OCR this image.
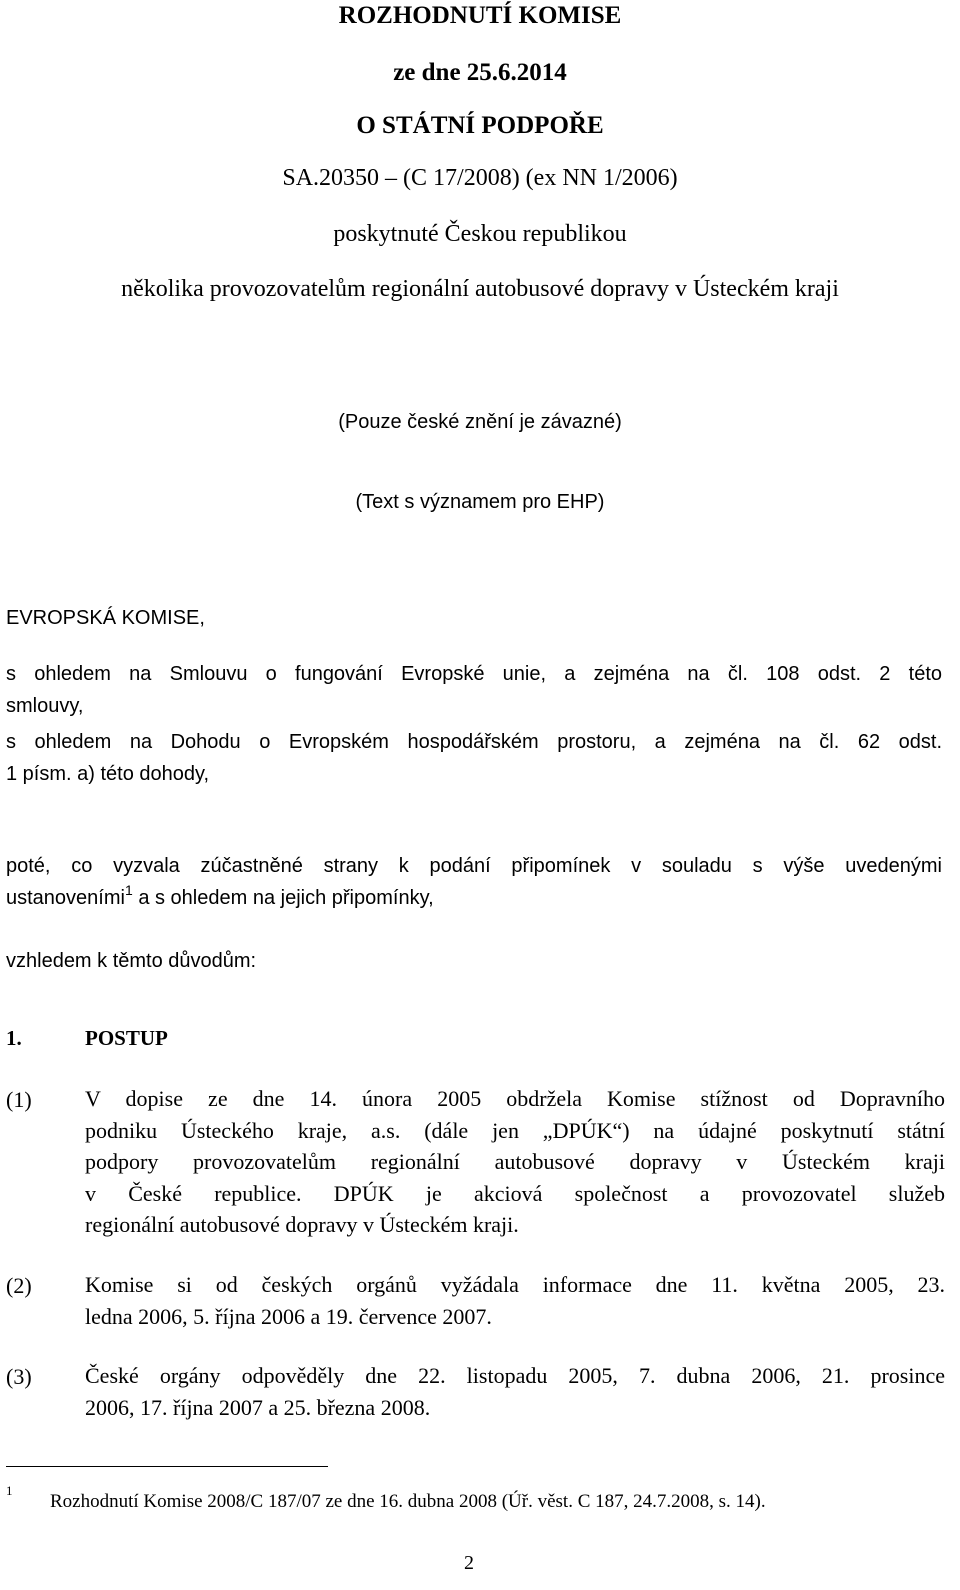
ROZHODNUTÍ KOMISE
ze dne 25.6.2014
O STÁTNÍ PODPOŘE
SA.20350 – (C 17/2008) (ex NN 1/2006)
poskytnuté Českou republikou
několika provozovatelům regionální autobusové dopravy v Ústeckém kraji
(Pouze české znění je závazné)
(Text s významem pro EHP)
EVROPSKÁ KOMISE,
s ohledem na Smlouvu o fungování Evropské unie, a zejména na čl. 108 odst. 2 této
smlouvy,
s ohledem na Dohodu o Evropském hospodářském prostoru, a zejména na čl. 62 odst.
1 písm. a) této dohody,
poté, co vyzvala zúčastněné strany k podání připomínek v souladu s výše uvedenými
ustanoveními$^1$ a s ohledem na jejich připomínky,
vzhledem k těmto důvodům:
1.	POSTUP
(1) V dopise ze dne 14. února 2005 obdržela Komise stížnost od Dopravního
podniku Ústeckého kraje, a.s. (dále jen „DPÚK“) na údajné poskytnutí státní
podpory provozovatelům regionální autobusové dopravy v Ústeckém kraji
v České republice. DPÚK je akciová společnost a provozovatel služeb
regionální autobusové dopravy v Ústeckém kraji.
(2) Komise si od českých orgánů vyžádala informace dne 11. května 2005, 23.
ledna 2006, 5. října 2006 a 19. července 2007.
(3) České orgány odpověděly dne 22. listopadu 2005, 7. dubna 2006, 21. prosince
2006, 17. října 2007 a 25. března 2008.
1
Rozhodnutí Komise 2008/C 187/07 ze dne 16. dubna 2008 (Úř. věst. C 187, 24.7.2008, s. 14).
2
